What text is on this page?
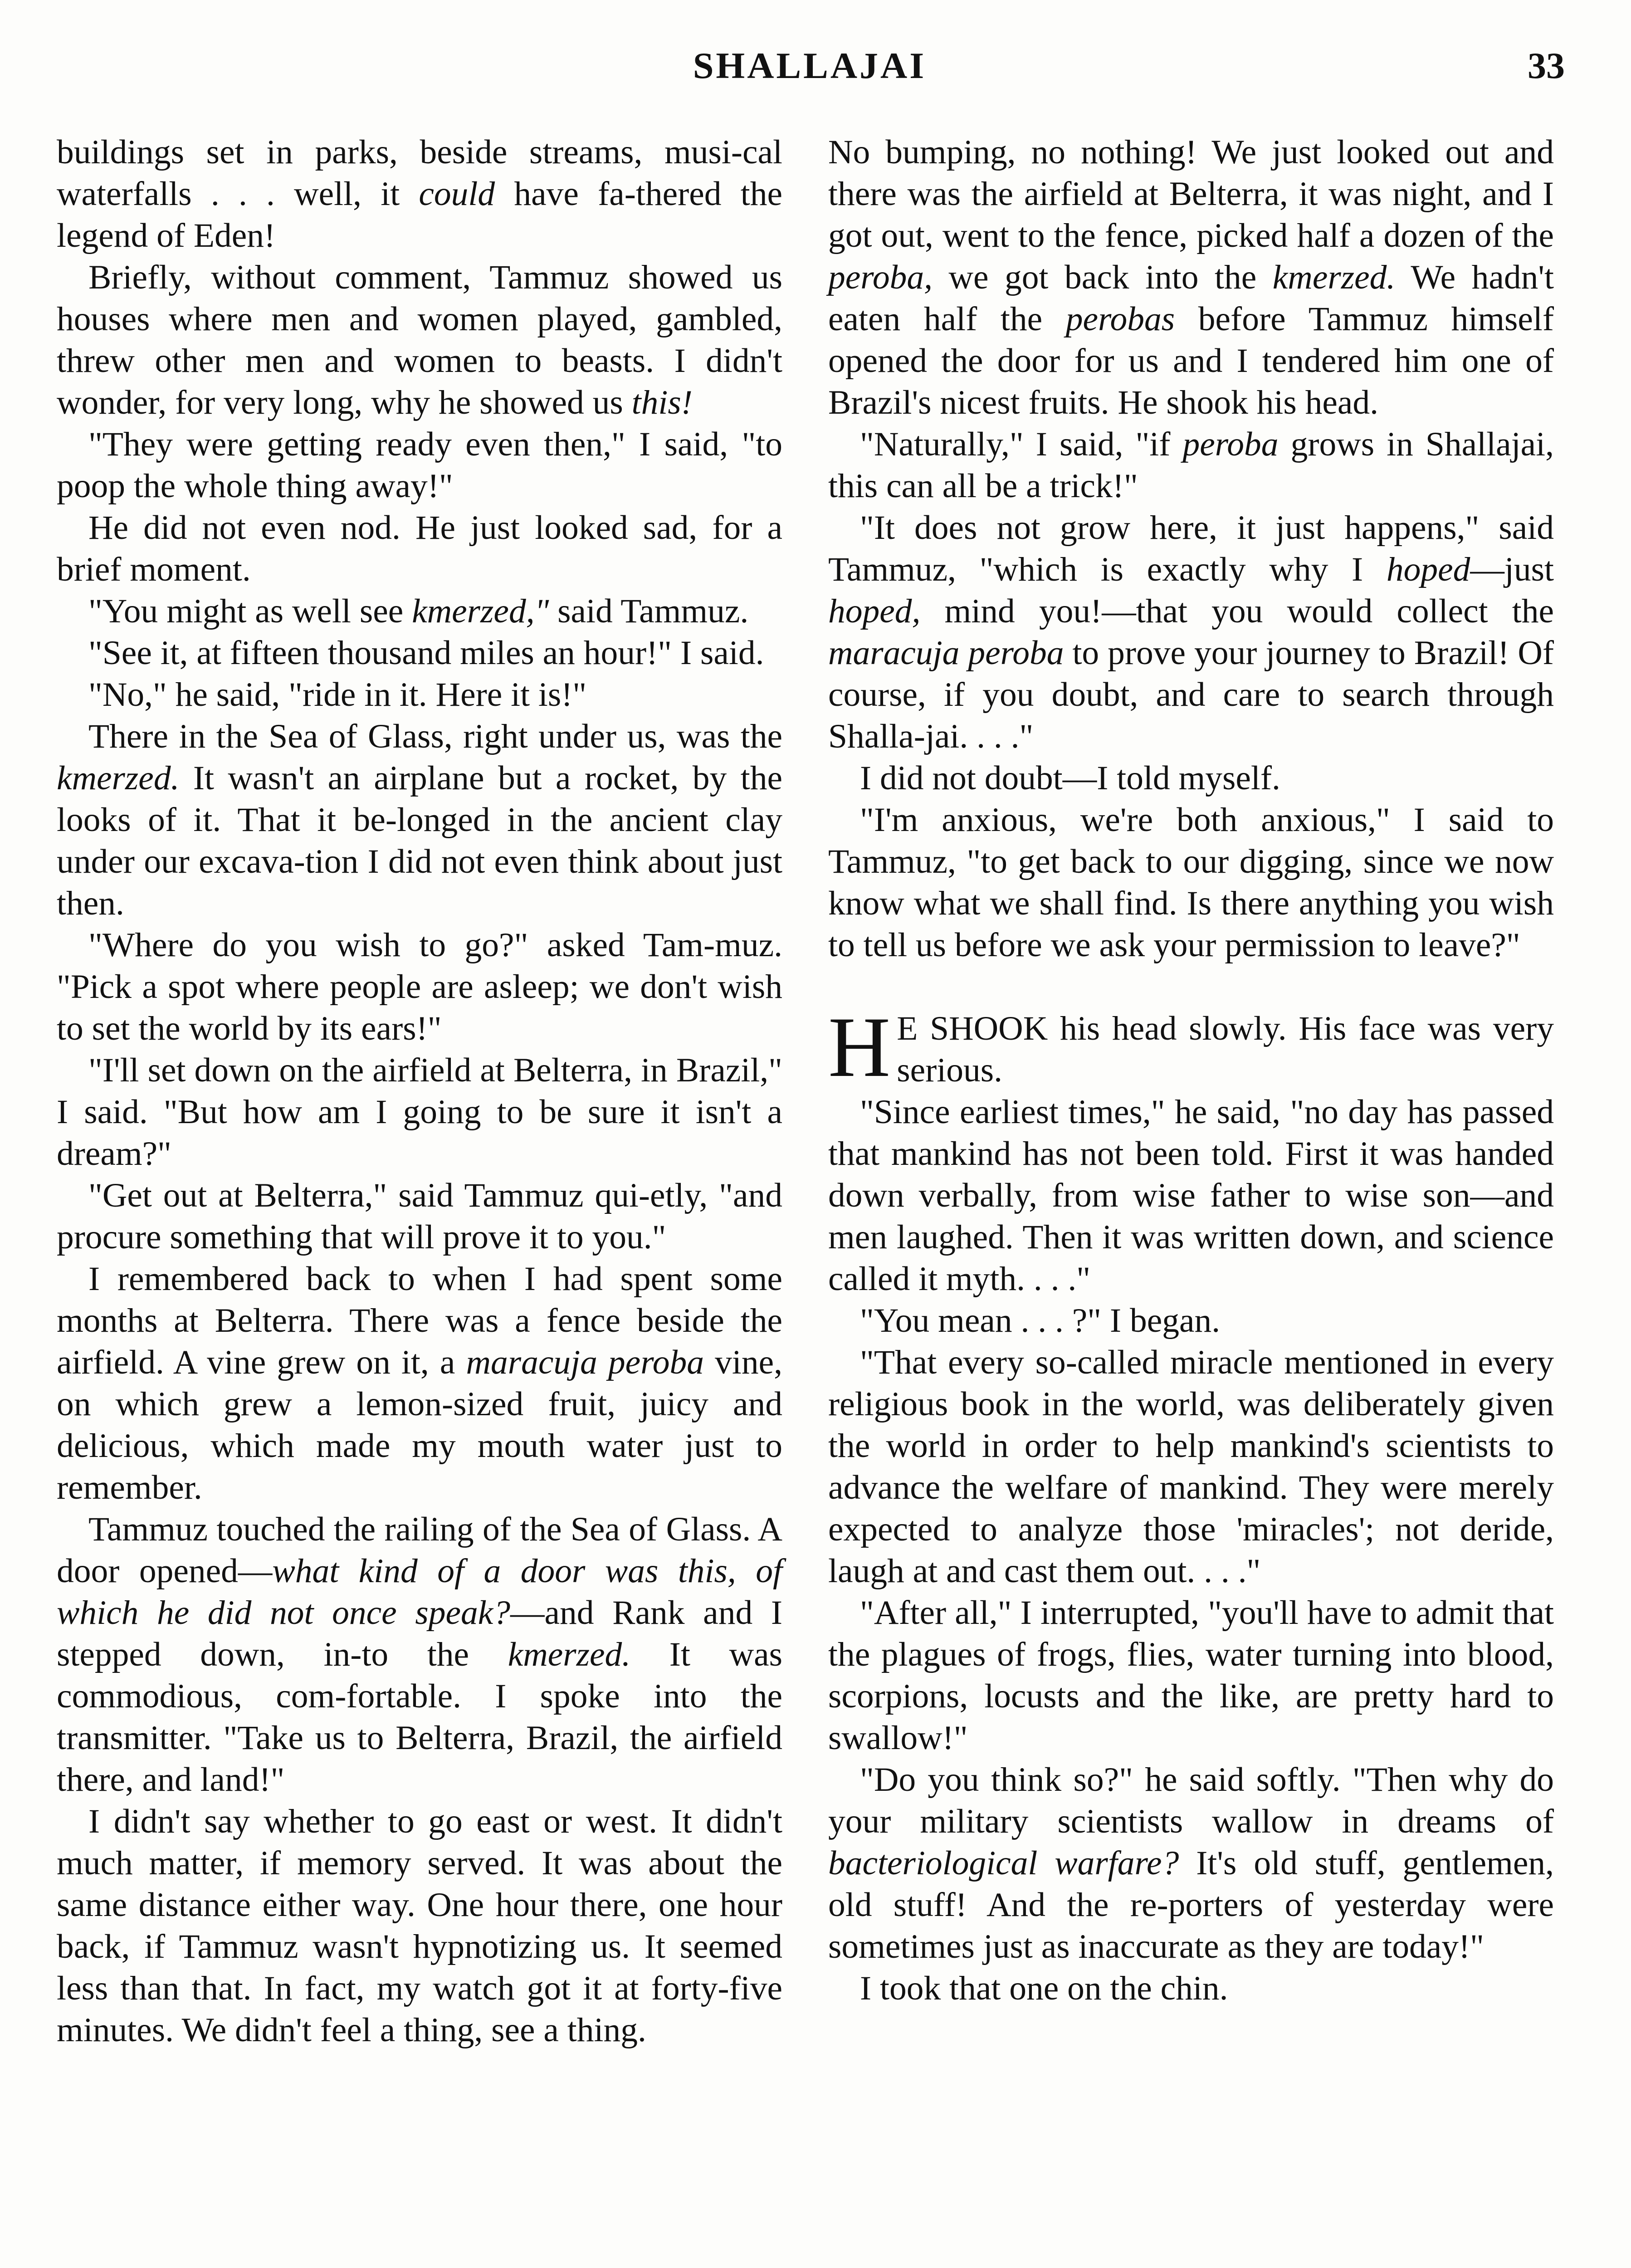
SHALLAJAI	33

buildings set in parks, beside streams, musi-cal waterfalls . . . well, it could have fa-thered the legend of Eden!

Briefly, without comment, Tammuz showed us houses where men and women played, gambled, threw other men and women to beasts. I didn't wonder, for very long, why he showed us this!

"They were getting ready even then," I said, "to poop the whole thing away!"

He did not even nod. He just looked sad, for a brief moment.

"You might as well see kmerzed," said Tammuz.

"See it, at fifteen thousand miles an hour!" I said.

"No," he said, "ride in it. Here it is!"

There in the Sea of Glass, right under us, was the kmerzed. It wasn't an airplane but a rocket, by the looks of it. That it be-longed in the ancient clay under our excava-tion I did not even think about just then.

"Where do you wish to go?" asked Tam-muz. "Pick a spot where people are asleep; we don't wish to set the world by its ears!"

"I'll set down on the airfield at Belterra, in Brazil," I said. "But how am I going to be sure it isn't a dream?"

"Get out at Belterra," said Tammuz qui-etly, "and procure something that will prove it to you."

I remembered back to when I had spent some months at Belterra. There was a fence beside the airfield. A vine grew on it, a maracuja peroba vine, on which grew a lemon-sized fruit, juicy and delicious, which made my mouth water just to remember.

Tammuz touched the railing of the Sea of Glass. A door opened—what kind of a door was this, of which he did not once speak?—and Rank and I stepped down, in-to the kmerzed. It was commodious, com-fortable. I spoke into the transmitter. "Take us to Belterra, Brazil, the airfield there, and land!"

I didn't say whether to go east or west. It didn't much matter, if memory served. It was about the same distance either way. One hour there, one hour back, if Tammuz wasn't hypnotizing us. It seemed less than that. In fact, my watch got it at forty-five minutes. We didn't feel a thing, see a thing.

No bumping, no nothing! We just looked out and there was the airfield at Belterra, it was night, and I got out, went to the fence, picked half a dozen of the peroba, we got back into the kmerzed. We hadn't eaten half the perobas before Tammuz himself opened the door for us and I tendered him one of Brazil's nicest fruits. He shook his head.

"Naturally," I said, "if peroba grows in Shallajai, this can all be a trick!"

"It does not grow here, it just happens," said Tammuz, "which is exactly why I hoped—just hoped, mind you!—that you would collect the maracuja peroba to prove your journey to Brazil! Of course, if you doubt, and care to search through Shalla-jai. . . ."

I did not doubt—I told myself.

"I'm anxious, we're both anxious," I said to Tammuz, "to get back to our digging, since we now know what we shall find. Is there anything you wish to tell us before we ask your permission to leave?"

H E SHOOK his head slowly. His face was very serious.

"Since earliest times," he said, "no day has passed that mankind has not been told. First it was handed down verbally, from wise father to wise son—and men laughed. Then it was written down, and science called it myth. . . ."

"You mean . . . ?" I began.

"That every so-called miracle mentioned in every religious book in the world, was deliberately given the world in order to help mankind's scientists to advance the welfare of mankind. They were merely expected to analyze those 'miracles'; not deride, laugh at and cast them out. . . ."

"After all," I interrupted, "you'll have to admit that the plagues of frogs, flies, water turning into blood, scorpions, locusts and the like, are pretty hard to swallow!"

"Do you think so?" he said softly. "Then why do your military scientists wallow in dreams of bacteriological warfare? It's old stuff, gentlemen, old stuff! And the re-porters of yesterday were sometimes just as inaccurate as they are today!"

I took that one on the chin.
